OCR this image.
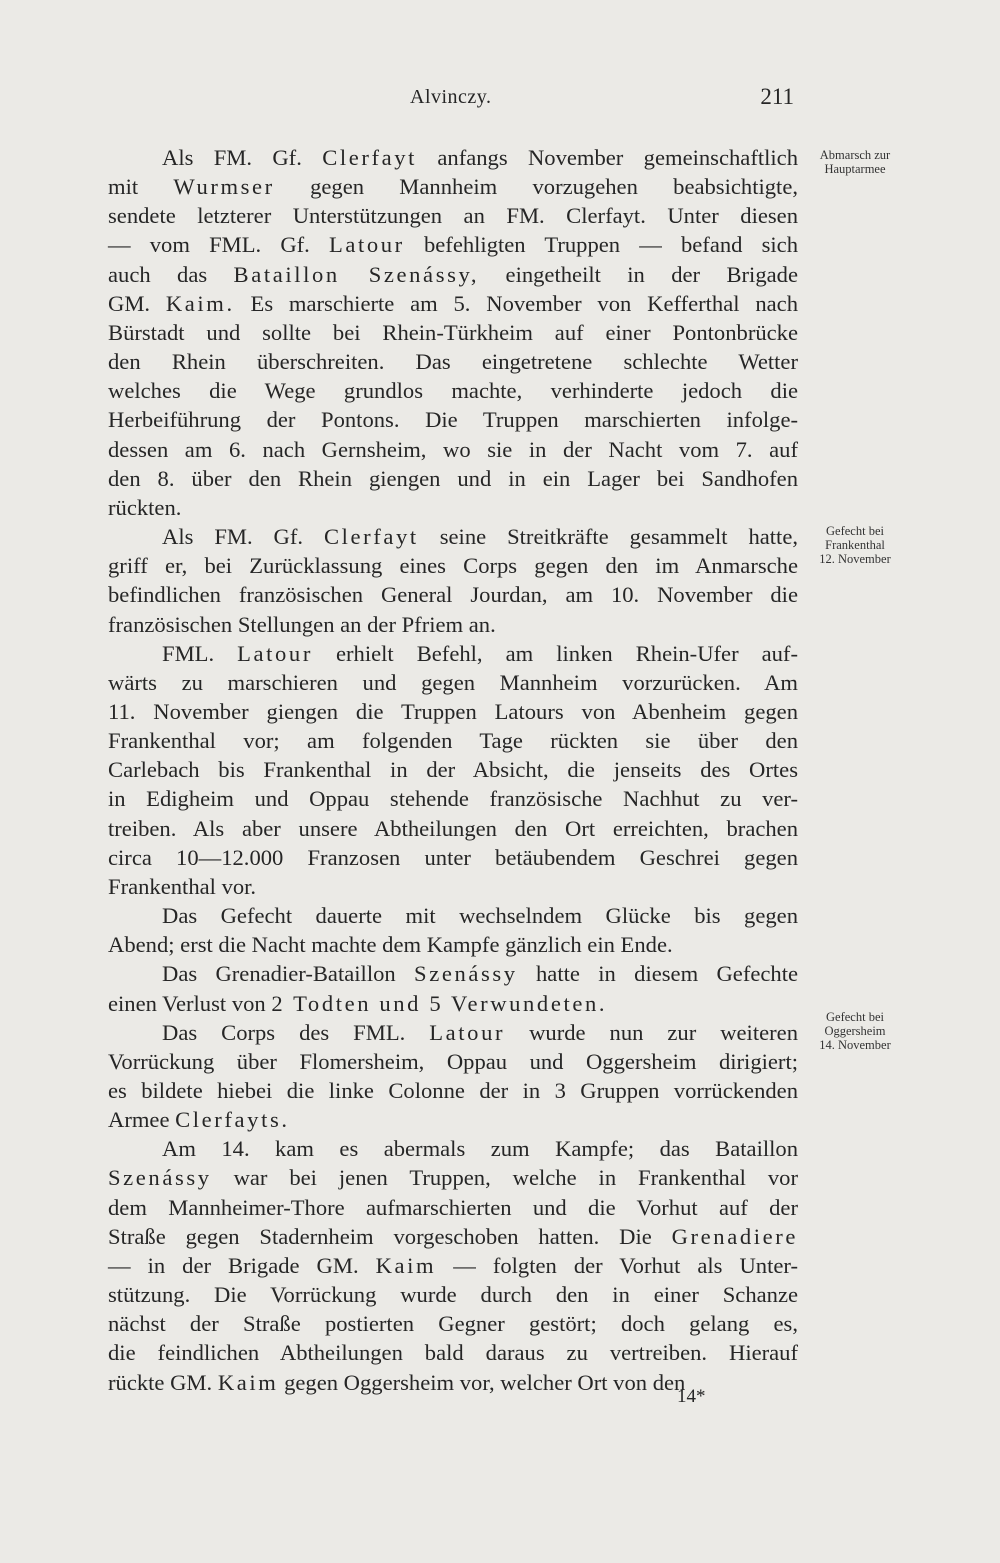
Alvinczy.	211
Als FM. Gf. Clerfayt anfangs November gemeinschaftlich
mit Wurmser gegen Mannheim vorzugehen beabsichtigte,
sendete letzterer Unterstützungen an FM. Clerfayt. Unter diesen
— vom FML. Gf. Latour befehligten Truppen — befand sich
auch das Bataillon Szenássy, eingetheilt in der Brigade
GM. Kaim. Es marschierte am 5. November von Kefferthal nach
Bürstadt und sollte bei Rhein-Türkheim auf einer Pontonbrücke
den Rhein überschreiten. Das eingetretene schlechte Wetter
welches die Wege grundlos machte, verhinderte jedoch die
Herbeiführung der Pontons. Die Truppen marschierten infolge-
dessen am 6. nach Gernsheim, wo sie in der Nacht vom 7. auf
den 8. über den Rhein giengen und in ein Lager bei Sandhofen
rückten.
Als FM. Gf. Clerfayt seine Streitkräfte gesammelt hatte,
griff er, bei Zurücklassung eines Corps gegen den im Anmarsche
befindlichen französischen General Jourdan, am 10. November die
französischen Stellungen an der Pfriem an.
FML. Latour erhielt Befehl, am linken Rhein-Ufer auf-
wärts zu marschieren und gegen Mannheim vorzurücken. Am
11. November giengen die Truppen Latours von Abenheim gegen
Frankenthal vor; am folgenden Tage rückten sie über den
Carlebach bis Frankenthal in der Absicht, die jenseits des Ortes
in Edigheim und Oppau stehende französische Nachhut zu ver-
treiben. Als aber unsere Abtheilungen den Ort erreichten, brachen
circa 10—12.000 Franzosen unter betäubendem Geschrei gegen
Frankenthal vor.
Das Gefecht dauerte mit wechselndem Glücke bis gegen
Abend; erst die Nacht machte dem Kampfe gänzlich ein Ende.
Das Grenadier-Bataillon Szenássy hatte in diesem Gefechte
einen Verlust von 2 Todten und 5 Verwundeten.
Das Corps des FML. Latour wurde nun zur weiteren
Vorrückung über Flomersheim, Oppau und Oggersheim dirigiert;
es bildete hiebei die linke Colonne der in 3 Gruppen vorrückenden
Armee Clerfayts.
Am 14. kam es abermals zum Kampfe; das Bataillon
Szenássy war bei jenen Truppen, welche in Frankenthal vor
dem Mannheimer-Thore aufmarschierten und die Vorhut auf der
Straße gegen Stadernheim vorgeschoben hatten. Die Grenadiere
— in der Brigade GM. Kaim — folgten der Vorhut als Unter-
stützung. Die Vorrückung wurde durch den in einer Schanze
nächst der Straße postierten Gegner gestört; doch gelang es,
die feindlichen Abtheilungen bald daraus zu vertreiben. Hierauf
rückte GM. Kaim gegen Oggersheim vor, welcher Ort von den
Abmarsch zur
Hauptarmee
Gefecht bei
Frankenthal
12. November
Gefecht bei
Oggersheim
14. November
14*
